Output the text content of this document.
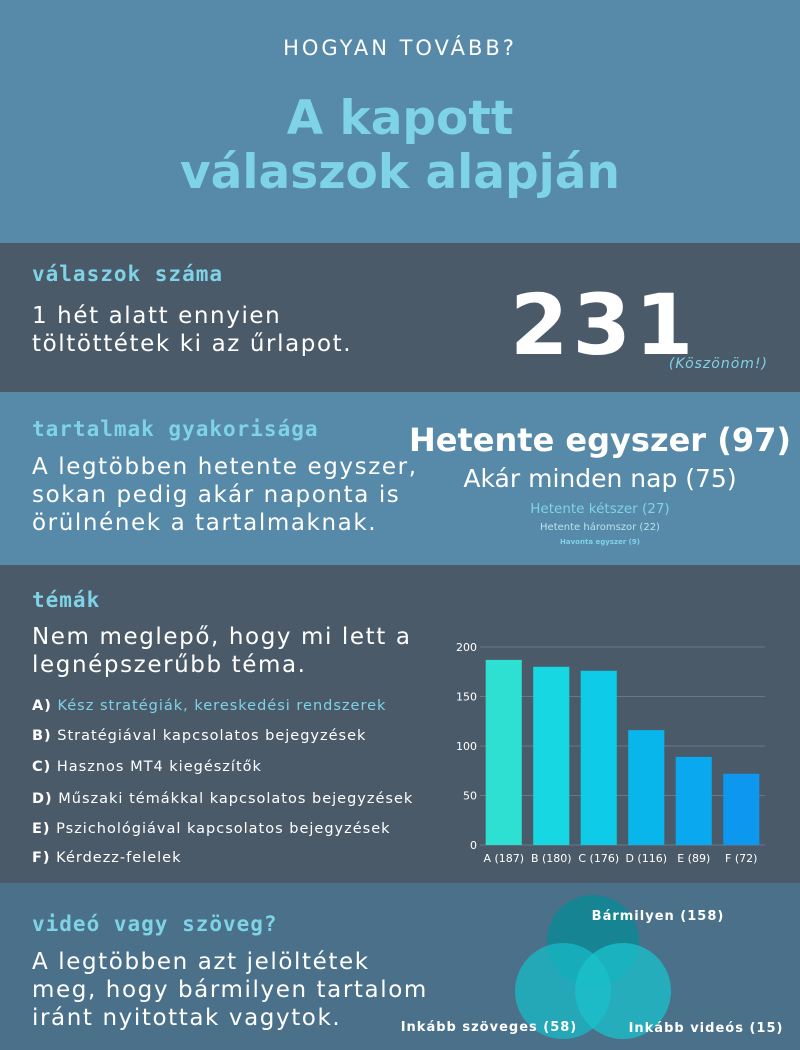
HOGYAN TOVÁBB?
A kapott
válaszok alapján
válaszok száma
1 hét alatt ennyien
töltöttétek ki az űrlapot. 231
(Köszönöm!)
tartalmak gyakorisága
A legtöbben hetente egyszer,
sokan pedig akár naponta is
örülnének a tartalmaknak.
Hetente egyszer (97)
Akár minden nap (75)
Hetente kétszer (27)
Hetente háromszor (22)
Havonta egyszer (9)
témák
Nem meglepő, hogy mi lett a
legnépszerűbb téma.
A) Kész stratégiák, kereskedési rendszerek
B) Stratégiával kapcsolatos bejegyzések
C) Hasznos MT4 kiegészítők
D) Műszaki témákkal kapcsolatos bejegyzések
E) Pszichológiával kapcsolatos bejegyzések
F) Kérdezz-felelek
0
50
100
150
200
A (187) B (180) C (176) D (116) E (89) F (72)
videó vagy szöveg?
A legtöbben azt jelöltétek
meg, hogy bármilyen tartalom
iránt nyitottak vagytok.
Bármilyen (158)
Inkább szöveges (58)	Inkább videós (15)
